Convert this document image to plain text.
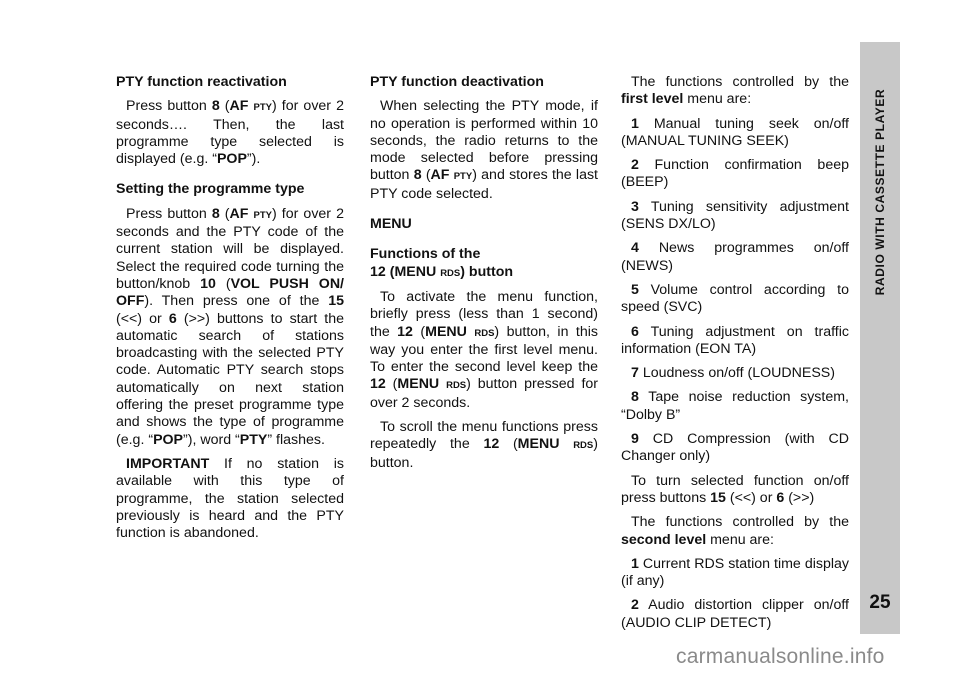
PTY function reactivation

Press button 8 (AF PTY) for over 2 seconds…. Then, the last programme type selected is displayed (e.g. “POP”).

Setting the programme type

Press button 8 (AF PTY) for over 2 seconds and the PTY code of the current station will be displayed. Select the required code turning the button/knob 10 (VOL PUSH ON/ OFF). Then press one of the 15 (<<) or 6 (>>) buttons to start the automatic search of stations broadcasting with the selected PTY code. Automatic PTY search stops automatically on next station offering the preset programme type and shows the type of programme (e.g. “POP”), word “PTY” flashes.

IMPORTANT If no station is available with this type of programme, the station selected previously is heard and the PTY function is abandoned.

PTY function deactivation

When selecting the PTY mode, if no operation is performed within 10 seconds, the radio returns to the mode selected before pressing button 8 (AF PTY) and stores the last PTY code selected.

MENU
Functions of the
12 (MENU RDS) button

To activate the menu function, briefly press (less than 1 second) the 12 (MENU RDS) button, in this way you enter the first level menu. To enter the second level keep the 12 (MENU RDS) button pressed for over 2 seconds.

To scroll the menu functions press repeatedly the 12 (MENU RDS) button.

The functions controlled by the first level menu are:

1 Manual tuning seek on/off (MANUAL TUNING SEEK)

2 Function confirmation beep (BEEP)

3 Tuning sensitivity adjustment (SENS DX/LO)

4 News programmes on/off (NEWS)

5 Volume control according to speed (SVC)

6 Tuning adjustment on traffic information (EON TA)

7 Loudness on/off (LOUDNESS)

8 Tape noise reduction system, “Dolby B”

9 CD Compression (with CD Changer only)

To turn selected function on/off press buttons 15 (<<) or 6 (>>)

The functions controlled by the second level menu are:

1 Current RDS station time display (if any)

2 Audio distortion clipper on/off (AUDIO CLIP DETECT)

RADIO WITH CASSETTE PLAYER
25
carmanualsonline.info
